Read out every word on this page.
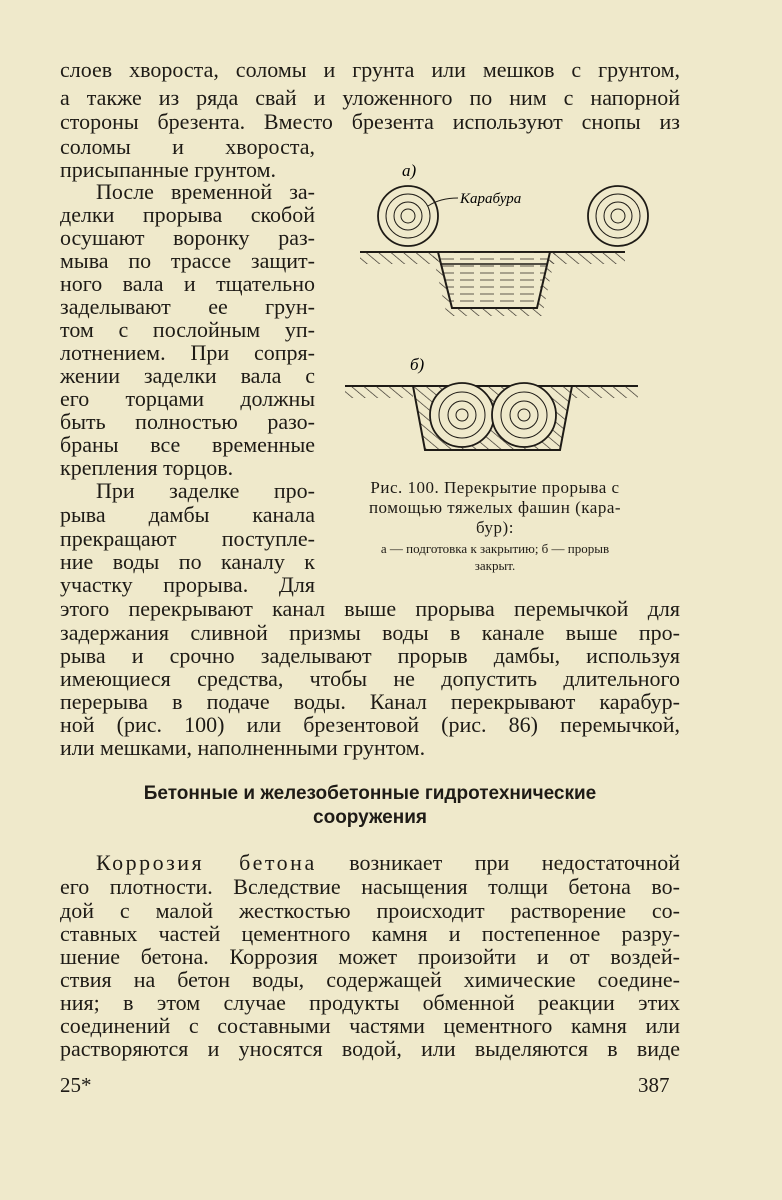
слоев хвороста, соломы и грунта или мешков с грунтом,
а также из ряда свай и уложенного по ним с напорной
стороны брезента. Вместо брезента используют снопы из
соломы и хвороста,
присыпанные грунтом.
После временной за-
делки прорыва скобой
осушают воронку раз-
мыва по трассе защит-
ного вала и тщательно
заделывают ее грун-
том с послойным уп-
лотнением. При сопря-
жении заделки вала с
его торцами должны
быть полностью разо-
браны все временные
крепления торцов.
При заделке про-
рыва дамбы канала
прекращают поступле-
ние воды по каналу к
участку прорыва. Для
а)
Карабура
б)
Рис. 100. Перекрытие прорыва с
помощью тяжелых фашин (кара-
бур):
а — подготовка к закрытию; б — прорыв
закрыт.
этого перекрывают канал выше прорыва перемычкой для
задержания сливной призмы воды в канале выше про-
рыва и срочно заделывают прорыв дамбы, используя
имеющиеся средства, чтобы не допустить длительного
перерыва в подаче воды. Канал перекрывают карабур-
ной (рис. 100) или брезентовой (рис. 86) перемычкой,
или мешками, наполненными грунтом.
Бетонные и железобетонные гидротехнические
сооружения
Коррозия бетона возникает при недостаточной
его плотности. Вследствие насыщения толщи бетона во-
дой с малой жесткостью происходит растворение со-
ставных частей цементного камня и постепенное разру-
шение бетона. Коррозия может произойти и от воздей-
ствия на бетон воды, содержащей химические соедине-
ния; в этом случае продукты обменной реакции этих
соединений с составными частями цементного камня или
растворяются и уносятся водой, или выделяются в виде
25*	387
